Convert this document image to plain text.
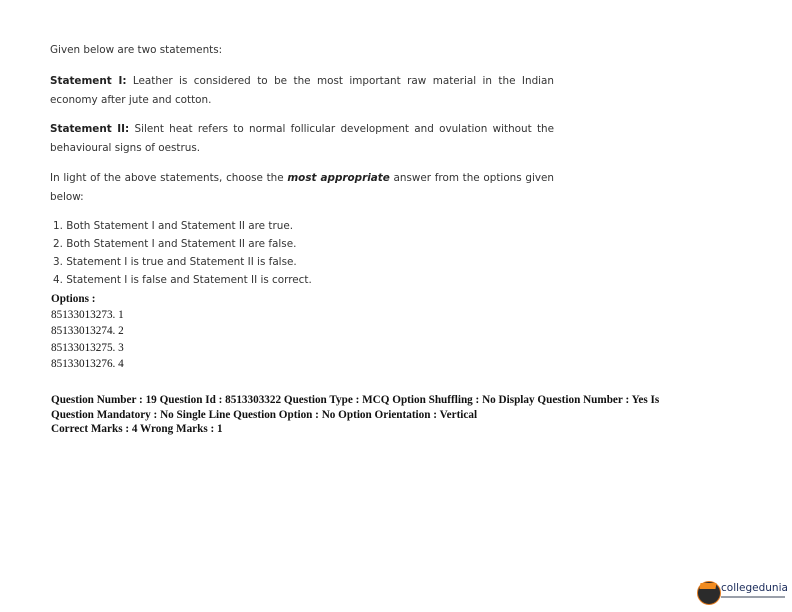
Given below are two statements:
Statement I: Leather is considered to be the most important raw material in the Indian economy after jute and cotton.
Statement II: Silent heat refers to normal follicular development and ovulation without the behavioural signs of oestrus.
In light of the above statements, choose the most appropriate answer from the options given below:
1. Both Statement I and Statement II are true.
2. Both Statement I and Statement II are false.
3. Statement I is true and Statement II is false.
4. Statement I is false and Statement II is correct.
Options :
85133013273. 1
85133013274. 2
85133013275. 3
85133013276. 4
Question Number : 19 Question Id : 8513303322 Question Type : MCQ Option Shuffling : No Display Question Number : Yes Is
Question Mandatory : No Single Line Question Option : No Option Orientation : Vertical
Correct Marks : 4 Wrong Marks : 1
collegedunia
